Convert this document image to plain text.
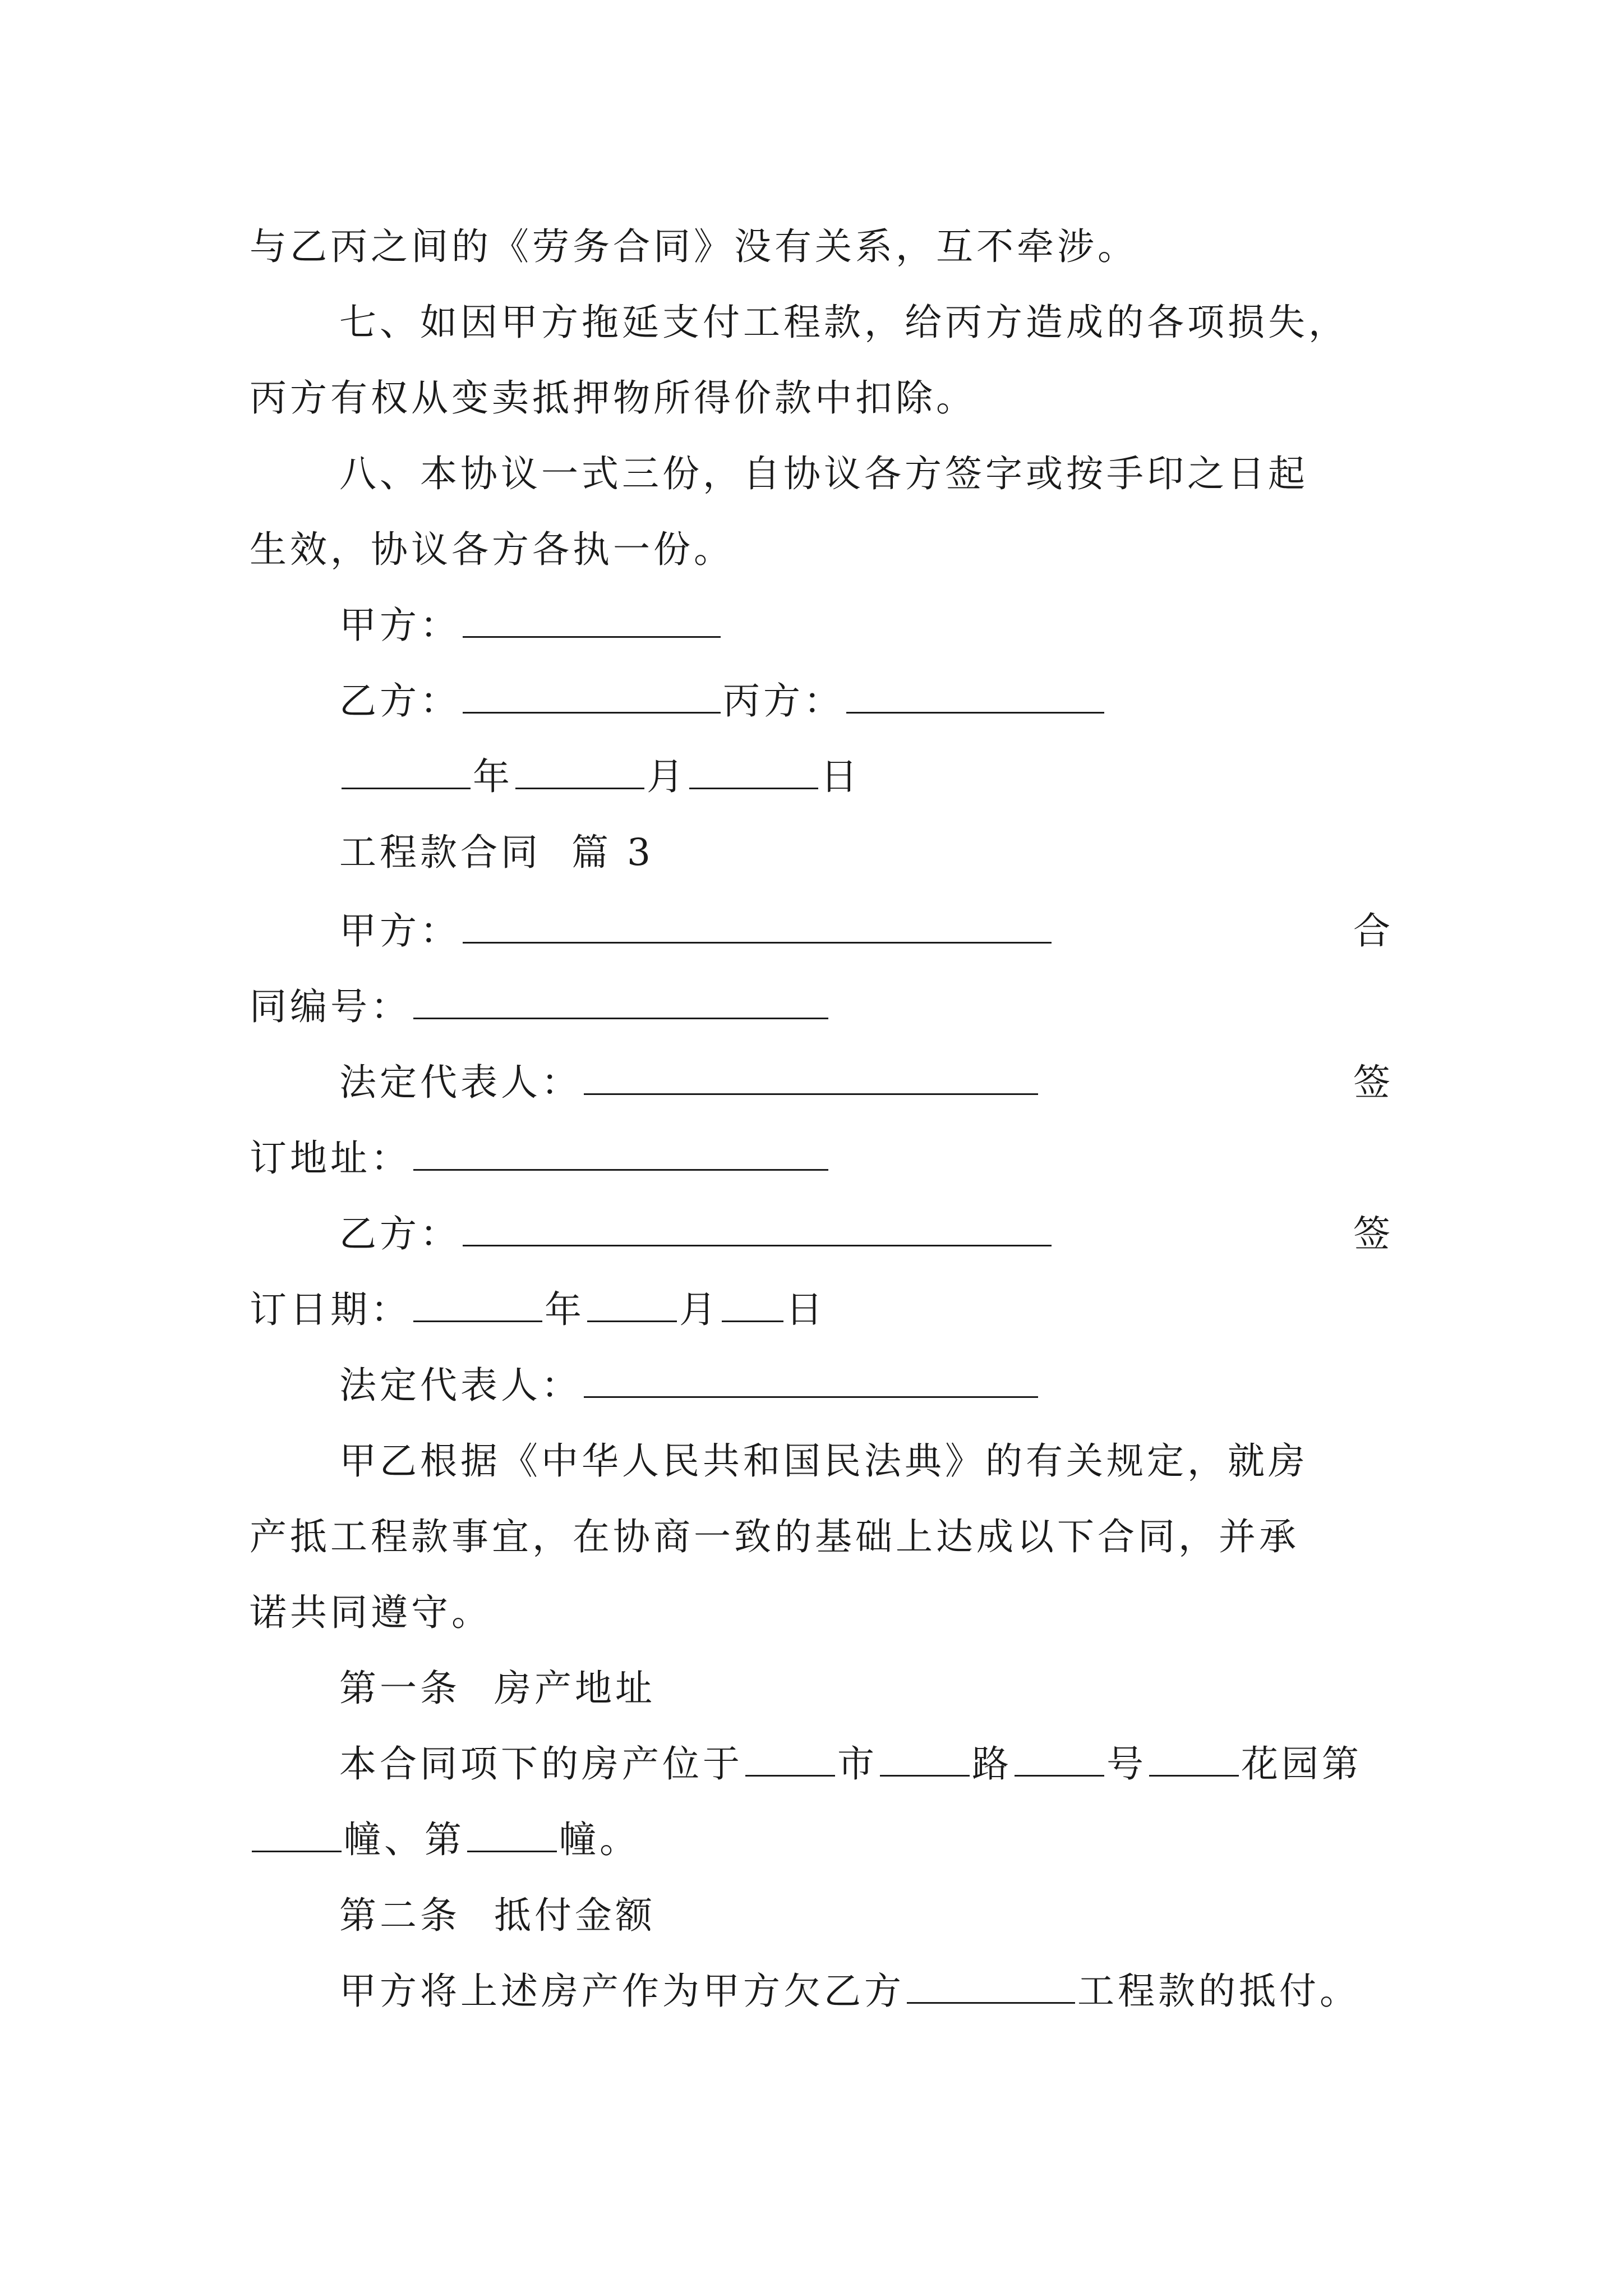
与乙丙之间的《劳务合同》没有关系，互不牵涉。
七、如因甲方拖延支付工程款，给丙方造成的各项损失，
丙方有权从变卖抵押物所得价款中扣除。
八、本协议一式三份，自协议各方签字或按手印之日起
生效，协议各方各执一份。
甲方：
乙方：	丙方：
年	月	日
工程款合同  篇 3
甲方：	合
同编号：
法定代表人：	签
订地址：
乙方：	签
订日期：	年	月 日
法定代表人：
甲乙根据《中华人民共和国民法典》的有关规定，就房
产抵工程款事宜，在协商一致的基础上达成以下合同，并承
诺共同遵守。
第一条 房产地址
本合同项下的房产位于	市	路	号	花园第
幢、第	幢。
第二条 抵付金额
甲方将上述房产作为甲方欠乙方	工程款的抵付。
